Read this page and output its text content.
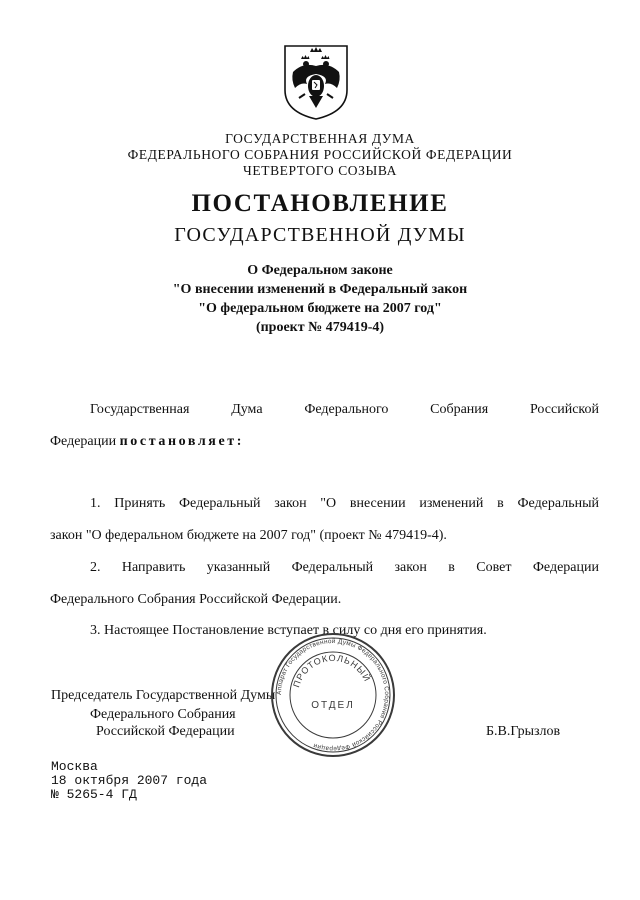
ГОСУДАРСТВЕННАЯ ДУМА
ФЕДЕРАЛЬНОГО СОБРАНИЯ РОССИЙСКОЙ ФЕДЕРАЦИИ
ЧЕТВЕРТОГО СОЗЫВА
ПОСТАНОВЛЕНИЕ
ГОСУДАРСТВЕННОЙ ДУМЫ
О Федеральном законе
"О внесении изменений в Федеральный закон
"О федеральном бюджете на 2007 год"
(проект № 479419-4)
Государственная Дума Федерального Собрания Российской
Федерации постановляет:
1. Принять Федеральный закон "О внесении изменений в Федеральный
закон "О федеральном бюджете на 2007 год" (проект № 479419-4).
2. Направить указанный Федеральный закон в Совет Федерации
Федерального Собрания Российской Федерации.
3. Настоящее Постановление вступает в силу со дня его принятия.
Председатель Государственной Думы
Федерального Собрания
Российской Федерации	Б.В.Грызлов
Аппарат Государственной Думы Федерального Собрания Российской Федерации
ПРОТОКОЛЬНЫЙ
ОТДЕЛ
Москва
18 октября 2007 года
№ 5265-4 ГД
